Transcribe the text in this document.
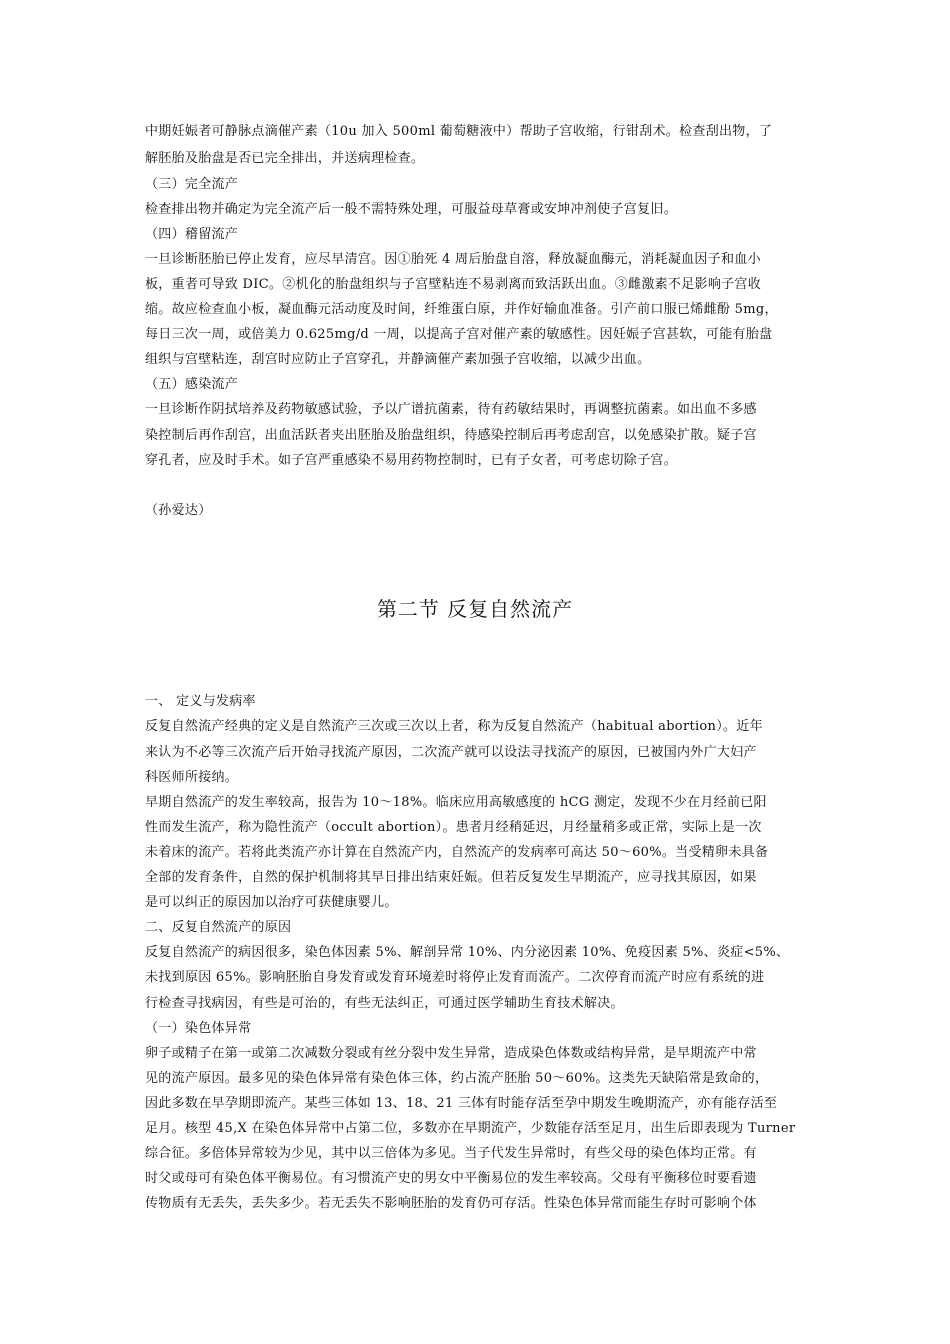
中期妊娠者可静脉点滴催产素（10u 加入 500ml 葡萄糖液中）帮助子宫收缩，行钳刮术。检查刮出物，了
解胚胎及胎盘是否已完全排出，并送病理检查。
（三）完全流产
检查排出物并确定为完全流产后一般不需特殊处理，可服益母草膏或安坤冲剂使子宫复旧。
（四）稽留流产
一旦诊断胚胎已停止发育，应尽早清宫。因①胎死 4 周后胎盘自溶，释放凝血酶元，消耗凝血因子和血小
板，重者可导致 DIC。②机化的胎盘组织与子宫壁粘连不易剥离而致活跃出血。③雌激素不足影响子宫收
缩。故应检查血小板，凝血酶元活动度及时间，纤维蛋白原，并作好输血准备。引产前口服已烯雌酚 5mg，
每日三次一周，或倍美力 0.625mg/d 一周，以提高子宫对催产素的敏感性。因妊娠子宫甚软，可能有胎盘
组织与宫壁粘连，刮宫时应防止子宫穿孔，并静滴催产素加强子宫收缩，以减少出血。
（五）感染流产
一旦诊断作阴拭培养及药物敏感试验，予以广谱抗菌素，待有药敏结果时，再调整抗菌素。如出血不多感
染控制后再作刮宫，出血活跃者夹出胚胎及胎盘组织，待感染控制后再考虑刮宫，以免感染扩散。疑子宫
穿孔者，应及时手术。如子宫严重感染不易用药物控制时，已有子女者，可考虑切除子宫。
（孙爱达）
第二节 反复自然流产
一、 定义与发病率
反复自然流产经典的定义是自然流产三次或三次以上者，称为反复自然流产（habitual abortion）。近年
来认为不必等三次流产后开始寻找流产原因，二次流产就可以设法寻找流产的原因，已被国内外广大妇产
科医师所接纳。
早期自然流产的发生率较高，报告为 10～18%。临床应用高敏感度的 hCG 测定，发现不少在月经前已阳
性而发生流产，称为隐性流产（occult abortion）。患者月经稍延迟，月经量稍多或正常，实际上是一次
未着床的流产。若将此类流产亦计算在自然流产内，自然流产的发病率可高达 50～60%。当受精卵未具备
全部的发育条件，自然的保护机制将其早日排出结束妊娠。但若反复发生早期流产，应寻找其原因，如果
是可以纠正的原因加以治疗可获健康婴儿。
二、反复自然流产的原因
反复自然流产的病因很多，染色体因素 5%、解剖异常 10%、内分泌因素 10%、免疫因素 5%、炎症<5%、
未找到原因 65%。影响胚胎自身发育或发育环境差时将停止发育而流产。二次停育而流产时应有系统的进
行检查寻找病因，有些是可治的，有些无法纠正，可通过医学辅助生育技术解决。
（一）染色体异常
卵子或精子在第一或第二次减数分裂或有丝分裂中发生异常，造成染色体数或结构异常，是早期流产中常
见的流产原因。最多见的染色体异常有染色体三体，约占流产胚胎 50～60%。这类先天缺陷常是致命的，
因此多数在早孕期即流产。某些三体如 13、18、21 三体有时能存活至孕中期发生晚期流产，亦有能存活至
足月。核型 45,X 在染色体异常中占第二位，多数亦在早期流产，少数能存活至足月，出生后即表现为 Turner
综合征。多倍体异常较为少见，其中以三倍体为多见。当子代发生异常时，有些父母的染色体均正常。有
时父或母可有染色体平衡易位。有习惯流产史的男女中平衡易位的发生率较高。父母有平衡移位时要看遗
传物质有无丢失，丢失多少。若无丢失不影响胚胎的发育仍可存活。性染色体异常而能生存时可影响个体
